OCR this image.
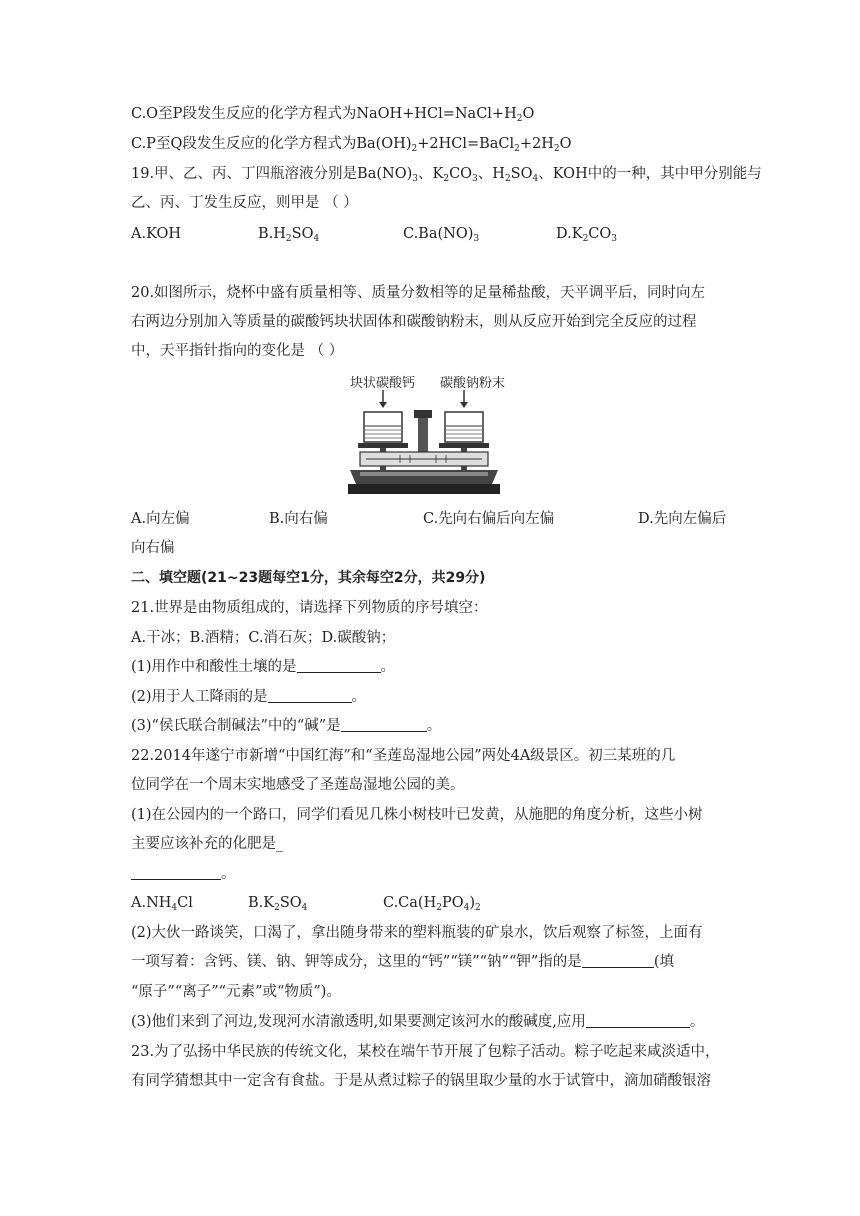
C.O至P段发生反应的化学方程式为$NaOH+HCl=NaCl+H_2O$
C.P至Q段发生反应的化学方程式为$Ba(OH)_2+2HCl=BaCl_2+2H_2O$
19.甲、乙、丙、丁四瓶溶液分别是$Ba(NO)_3$、$K_2CO_3$、$H_2SO_4$、KOH中的一种，其中甲分别能与
乙、丙、丁发生反应，则甲是 （ ）
A.KOH	$B.H_2SO_4$	$C.Ba(NO)_3$	$D.K_2CO_3$
20.如图所示，烧杯中盛有质量相等、质量分数相等的足量稀盐酸，天平调平后，同时向左
右两边分别加入等质量的碳酸钙块状固体和碳酸钠粉末，则从反应开始到完全反应的过程
中，天平指针指向的变化是 （ ）
块状碳酸钙 碳酸钠粉末
A.向左偏	B.向右偏	C.先向右偏后向左偏	D.先向左偏后
向右偏
二、填空题(21~23题每空1分，其余每空2分，共29分)
21.世界是由物质组成的，请选择下列物质的序号填空：
A.干冰；B.酒精；C.消石灰；D.碳酸钠；
(1)用作中和酸性土壤的是	。
(2)用于人工降雨的是	。
(3)“侯氏联合制碱法”中的“碱”是	。
22.2014年遂宁市新增“中国红海”和“圣莲岛湿地公园”两处4A级景区。初三某班的几
位同学在一个周末实地感受了圣莲岛湿地公园的美。
(1)在公园内的一个路口，同学们看见几株小树枝叶已发黄，从施肥的角度分析，这些小树
主要应该补充的化肥是_
。
$A.NH_4Cl$	$B.K_2SO_4$	$C.Ca(H_2PO_4)_2$
(2)大伙一路谈笑，口渴了，拿出随身带来的塑料瓶装的矿泉水，饮后观察了标签，上面有
一项写着：含钙、镁、钠、钾等成分，这里的“钙”“镁”“钠”“钾”指的是	(填
“原子”“离子”“元素”或“物质”)。
(3)他们来到了河边,发现河水清澈透明,如果要测定该河水的酸碱度,应用	。
23.为了弘扬中华民族的传统文化，某校在端午节开展了包粽子活动。粽子吃起来咸淡适中，
有同学猜想其中一定含有食盐。于是从煮过粽子的锅里取少量的水于试管中，滴加硝酸银溶
